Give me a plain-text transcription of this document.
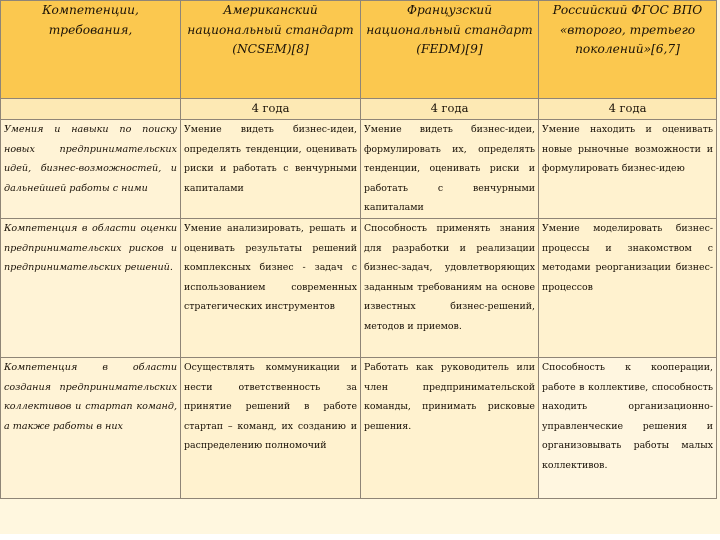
Компетенции, требования,	Американский национальный стандарт (NCSEM)[8]	Французский национальный стандарт (FEDM)[9]	Российский ФГОС ВПО «второго, третьего поколений»[6,7]
	4 года	4 года	4 года
Умения и навыки по поиску новых предпринимательских идей, бизнес-возможностей, и дальнейшей работы с ними	Умение видеть бизнес-идеи, определять тенденции, оценивать риски и работать с венчурными капиталами	Умение видеть бизнес-идеи, формулировать их, определять тенденции, оценивать риски и работать с венчурными капиталами	Умение находить и оценивать новые рыночные возможности и формулировать бизнес-идею
Компетенция в области оценки предпринимательских рисков и предпринимательских решений.	Умение анализировать, решать и оценивать результаты решений комплексных бизнес - задач с использованием современных стратегических инструментов	Способность применять знания для разработки и реализации бизнес-задач, удовлетворяющих заданным требованиям на основе известных бизнес-решений, методов и приемов.	Умение моделировать бизнес-процессы и знакомством с методами реорганизации бизнес-процессов
Компетенция в области создания предпринимательских коллективов и стартап команд, а также работы в них	Осуществлять коммуникации и нести ответственность за принятие решений в работе стартап – команд, их созданию и распределению полномочий	Работать как руководитель или член предпринимательской команды, принимать рисковые решения.	Способность к кооперации, работе в коллективе, способность находить организационно-управленческие решения и организовывать работы малых коллективов.
